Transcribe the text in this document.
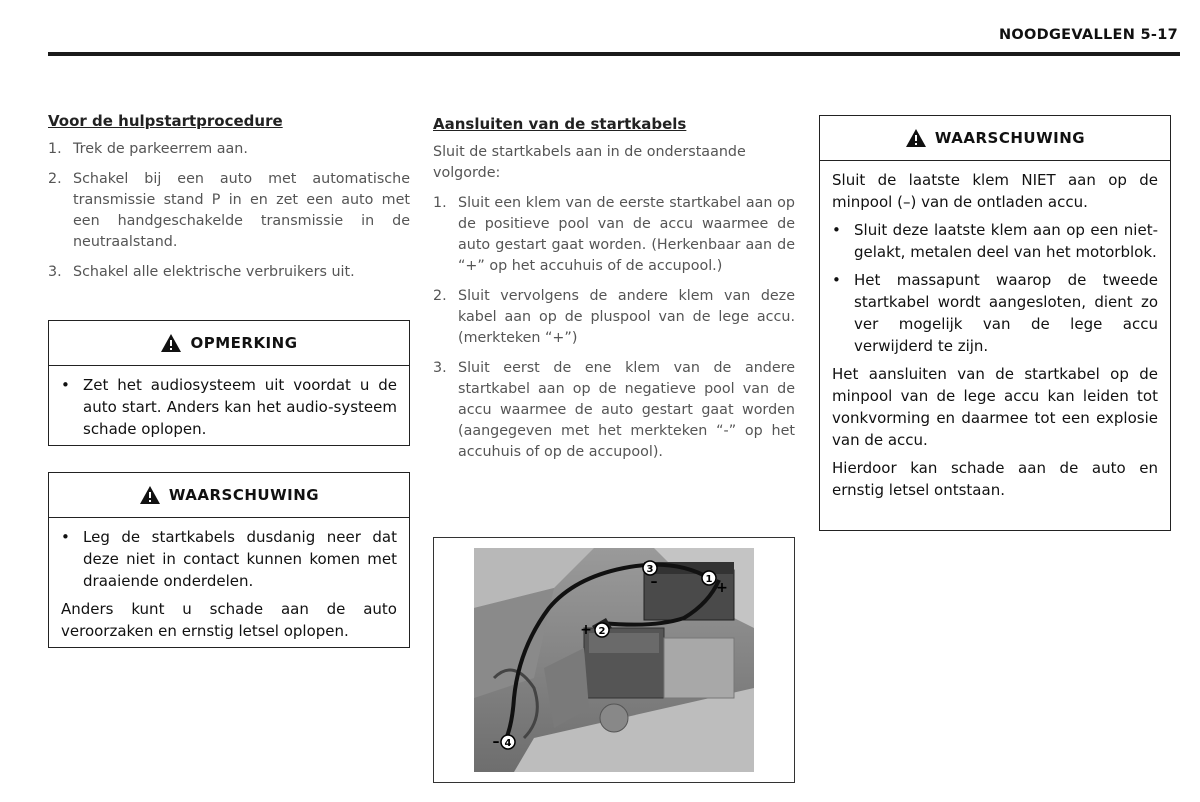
NOODGEVALLEN 5-17
Voor de hulpstartprocedure
1. Trek de parkeerrem aan.
2. Schakel bij een auto met automatische transmissie stand P in en zet een auto met een handgeschakelde transmissie in de neutraalstand.
3. Schakel alle elektrische verbruikers uit.
OPMERKING
• Zet het audiosysteem uit voordat u de auto start. Anders kan het audio-systeem schade oplopen.
WAARSCHUWING
• Leg de startkabels dusdanig neer dat deze niet in contact kunnen komen met draaiende onderdelen.
Anders kunt u schade aan de auto veroorzaken en ernstig letsel oplopen.
Aansluiten van de startkabels
Sluit de startkabels aan in de onderstaande volgorde:
1. Sluit een klem van de eerste startkabel aan op de positieve pool van de accu waarmee de auto gestart gaat worden. (Herkenbaar aan de “+” op het accuhuis of de accupool.)
2. Sluit vervolgens de andere klem van deze kabel aan op de pluspool van de lege accu. (merkteken “+”)
3. Sluit eerst de ene klem van de andere startkabel aan op de negatieve pool van de accu waarmee de auto gestart gaat worden (aangegeven met het merkteken “-” op het accuhuis of op de accupool).
1
+
+ 2
3
–
– 4
WAARSCHUWING
Sluit de laatste klem NIET aan op de minpool (–) van de ontladen accu.
• Sluit deze laatste klem aan op een niet-gelakt, metalen deel van het motorblok.
• Het massapunt waarop de tweede startkabel wordt aangesloten, dient zo ver mogelijk van de lege accu verwijderd te zijn.
Het aansluiten van de startkabel op de minpool van de lege accu kan leiden tot vonkvorming en daarmee tot een explosie van de accu.
Hierdoor kan schade aan de auto en ernstig letsel ontstaan.
